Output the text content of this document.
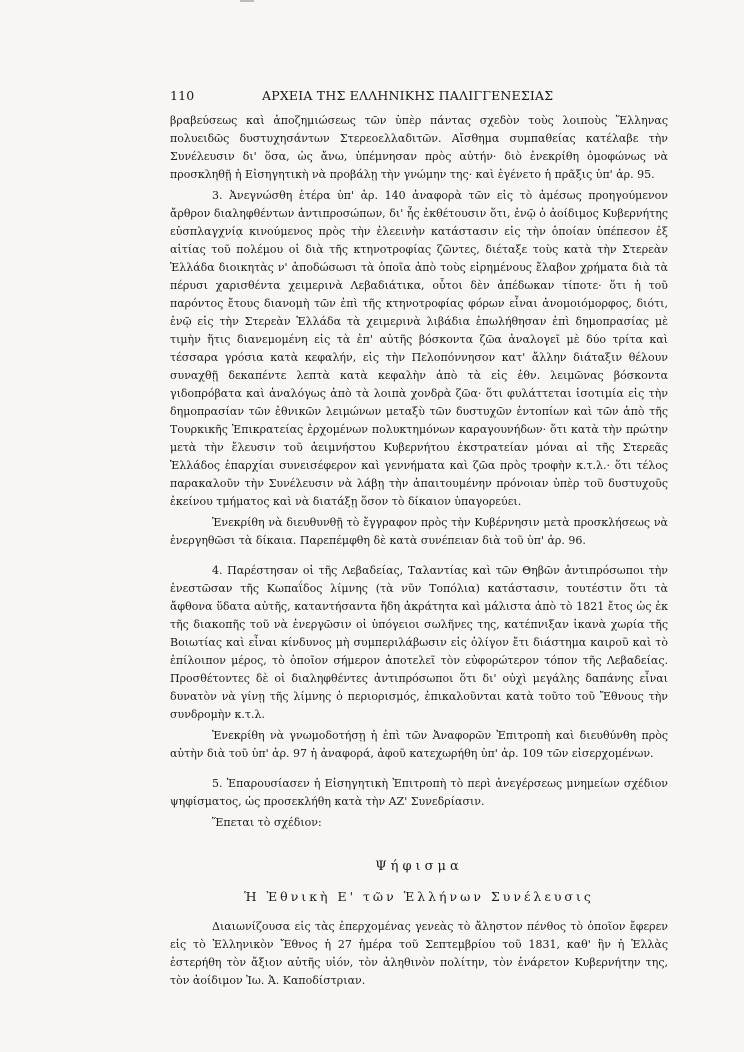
110	ΑΡΧΕΙΑ ΤΗΣ ΕΛΛΗΝΙΚΗΣ ΠΑΛΙΓΓΕΝΕΣΙΑΣ

βραβεύσεως καὶ ἀποζημιώσεως τῶν ὑπὲρ πάντας σχεδὸν τοὺς λοιποὺς Ἕλληνας πολυειδῶς δυστυχησάντων Στερεοελλαδιτῶν. Αἴσθημα συμπαθείας κατέλαβε τὴν Συνέλευσιν δι' ὅσα, ὡς ἄνω, ὑπέμνησαν πρὸς αὐτήν· διὸ ἐνεκρίθη ὁμοφώνως νὰ προσκληθῇ ἡ Εἰσηγητικὴ νὰ προβάλῃ τὴν γνώμην της· καὶ ἐγένετο ἡ πρᾶξις ὑπ' ἀρ. 95.

3. Ἀνεγνώσθη ἑτέρα ὑπ' ἀρ. 140 ἀναφορὰ τῶν εἰς τὸ ἀμέσως προηγούμενον ἄρθρον διαληφθέντων ἀντιπροσώπων, δι' ἧς ἐκθέτουσιν ὅτι, ἐνῷ ὁ ἀοίδιμος Κυβερνήτης εὐσπλαγχνίᾳ κινούμενος πρὸς τὴν ἐλεεινὴν κατάστασιν εἰς τὴν ὁποίαν ὑπέπεσον ἐξ αἰτίας τοῦ πολέμου οἱ διὰ τῆς κτηνοτροφίας ζῶντες, διέταξε τοὺς κατὰ τὴν Στερεὰν Ἑλλάδα διοικητὰς ν' ἀποδώσωσι τὰ ὁποῖα ἀπὸ τοὺς εἰρημένους ἔλαβον χρήματα διὰ τὰ πέρυσι χαρισθέντα χειμερινὰ Λεβαδιάτικα, οὗτοι δὲν ἀπέδωκαν τίποτε· ὅτι ἡ τοῦ παρόντος ἔτους διανομὴ τῶν ἐπὶ τῆς κτηνοτροφίας φόρων εἶναι ἀνομοιόμορφος, διότι, ἐνῷ εἰς τὴν Στερεὰν Ἑλλάδα τὰ χειμερινὰ λιβάδια ἐπωλήθησαν ἐπὶ δημοπρασίας μὲ τιμὴν ἥτις διανεμομένη εἰς τὰ ἐπ' αὐτῆς βόσκοντα ζῶα ἀναλογεῖ μὲ δύο τρίτα καὶ τέσσαρα γρόσια κατὰ κεφαλήν, εἰς τὴν Πελοπόννησον κατ' ἄλλην διάταξιν θέλουν συναχθῇ δεκαπέντε λεπτὰ κατὰ κεφαλὴν ἀπὸ τὰ εἰς ἐθν. λειμῶνας βόσκοντα γιδοπρόβατα καὶ ἀναλόγως ἀπὸ τὰ λοιπὰ χονδρὰ ζῶα· ὅτι φυλάττεται ἰσοτιμία εἰς τὴν δημοπρασίαν τῶν ἐθνικῶν λειμώνων μεταξὺ τῶν δυστυχῶν ἐντοπίων καὶ τῶν ἀπὸ τῆς Τουρκικῆς Ἐπικρατείας ἐρχομένων πολυκτημόνων καραγουνήδων· ὅτι κατὰ τὴν πρώτην μετὰ τὴν ἔλευσιν τοῦ ἀειμνήστου Κυβερνήτου ἐκστρατείαν μόναι αἱ τῆς Στερεᾶς Ἑλλάδος ἐπαρχίαι συνεισέφερον καὶ γεννήματα καὶ ζῶα πρὸς τροφὴν κ.τ.λ.· ὅτι τέλος παρακαλοῦν τὴν Συνέλευσιν νὰ λάβῃ τὴν ἀπαιτουμένην πρόνοιαν ὑπὲρ τοῦ δυστυχοῦς ἐκείνου τμήματος καὶ νὰ διατάξῃ ὅσον τὸ δίκαιον ὑπαγορεύει.

Ἐνεκρίθη νὰ διευθυνθῇ τὸ ἔγγραφον πρὸς τὴν Κυβέρνησιν μετὰ προσκλήσεως νὰ ἐνεργηθῶσι τὰ δίκαια. Παρεπέμφθη δὲ κατὰ συνέπειαν διὰ τοῦ ὑπ' ἀρ. 96.

4. Παρέστησαν οἱ τῆς Λεβαδείας, Ταλαντίας καὶ τῶν Θηβῶν ἀντιπρόσωποι τὴν ἐνεστῶσαν τῆς Κωπαΐδος λίμνης (τὰ νῦν Τοπόλια) κατάστασιν, τουτέστιν ὅτι τὰ ἄφθονα ὕδατα αὐτῆς, καταντήσαντα ἤδη ἀκράτητα καὶ μάλιστα ἀπὸ τὸ 1821 ἔτος ὡς ἐκ τῆς διακοπῆς τοῦ νὰ ἐνεργῶσιν οἱ ὑπόγειοι σωλῆνες της, κατέπνιξαν ἱκανὰ χωρία τῆς Βοιωτίας καὶ εἶναι κίνδυνος μὴ συμπεριλάβωσιν εἰς ὀλίγον ἔτι διάστημα καιροῦ καὶ τὸ ἐπίλοιπον μέρος, τὸ ὁποῖον σήμερον ἀποτελεῖ τὸν εὐφορώτερον τόπον τῆς Λεβαδείας. Προσθέτοντες δὲ οἱ διαληφθέντες ἀντιπρόσωποι ὅτι δι' οὐχὶ μεγάλης δαπάνης εἶναι δυνατὸν νὰ γίνῃ τῆς λίμνης ὁ περιορισμός, ἐπικαλοῦνται κατὰ τοῦτο τοῦ Ἔθνους τὴν συνδρομὴν κ.τ.λ.

Ἐνεκρίθη νὰ γνωμοδοτήσῃ ἡ ἐπὶ τῶν Ἀναφορῶν Ἐπιτροπὴ καὶ διευθύνθη πρὸς αὐτὴν διὰ τοῦ ὑπ' ἀρ. 97 ἡ ἀναφορά, ἀφοῦ κατεχωρήθη ὑπ' ἀρ. 109 τῶν εἰσερχομένων.

5. Ἐπαρουσίασεν ἡ Εἰσηγητικὴ Ἐπιτροπὴ τὸ περὶ ἀνεγέρσεως μνημείων σχέδιον ψηφίσματος, ὡς προσεκλήθη κατὰ τὴν ΑΖ' Συνεδρίασιν.

Ἕπεται τὸ σχέδιον:

Ψήφισμα

Ἡ Ἐθνικὴ Ε' τῶν Ἑλλήνων Συνέλευσις

Διαιωνίζουσα εἰς τὰς ἐπερχομένας γενεὰς τὸ ἄληστον πένθος τὸ ὁποῖον ἔφερεν εἰς τὸ Ἑλληνικὸν Ἔθνος ἡ 27 ἡμέρα τοῦ Σεπτεμβρίου τοῦ 1831, καθ' ἣν ἡ Ἑλλὰς ἐστερήθη τὸν ἄξιον αὐτῆς υἱόν, τὸν ἀληθινὸν πολίτην, τὸν ἐνάρετον Κυβερνήτην της, τὸν ἀοίδιμον Ἰω. Ἀ. Καποδίστριαν.
